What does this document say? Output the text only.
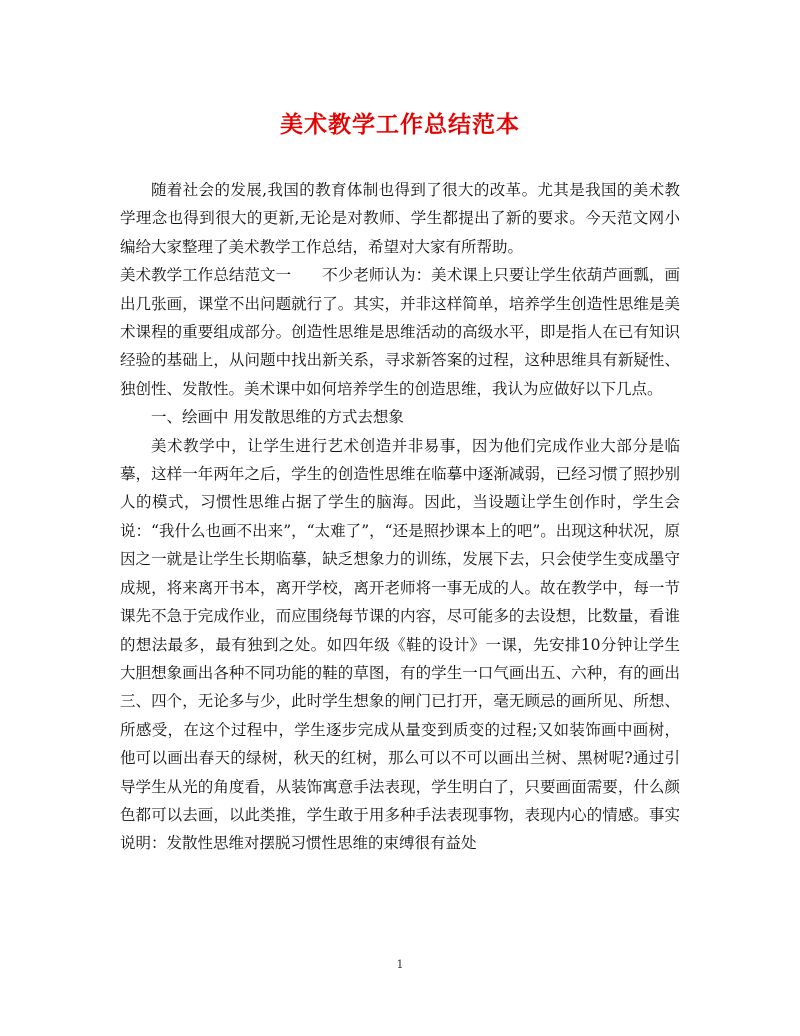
美术教学工作总结范本

随着社会的发展,我国的教育体制也得到了很大的改革。尤其是我国的美术教学理念也得到很大的更新,无论是对教师、学生都提出了新的要求。今天范文网小编给大家整理了美术教学工作总结，希望对大家有所帮助。

美术教学工作总结范文一　　不少老师认为：美术课上只要让学生依葫芦画瓢，画出几张画，课堂不出问题就行了。其实，并非这样简单，培养学生创造性思维是美术课程的重要组成部分。创造性思维是思维活动的高级水平，即是指人在已有知识经验的基础上，从问题中找出新关系，寻求新答案的过程，这种思维具有新疑性、独创性、发散性。美术课中如何培养学生的创造思维，我认为应做好以下几点。

一、绘画中 用发散思维的方式去想象

美术教学中，让学生进行艺术创造并非易事，因为他们完成作业大部分是临摹，这样一年两年之后，学生的创造性思维在临摹中逐渐减弱，已经习惯了照抄别人的模式，习惯性思维占据了学生的脑海。因此，当设题让学生创作时，学生会说：“我什么也画不出来”，“太难了”，“还是照抄课本上的吧”。出现这种状况，原因之一就是让学生长期临摹，缺乏想象力的训练，发展下去，只会使学生变成墨守成规，将来离开书本，离开学校，离开老师将一事无成的人。故在教学中，每一节课先不急于完成作业，而应围绕每节课的内容，尽可能多的去设想，比数量，看谁的想法最多，最有独到之处。如四年级《鞋的设计》一课，先安排10分钟让学生大胆想象画出各种不同功能的鞋的草图，有的学生一口气画出五、六种，有的画出三、四个，无论多与少，此时学生想象的闸门已打开，毫无顾忌的画所见、所想、所感受，在这个过程中，学生逐步完成从量变到质变的过程;又如装饰画中画树，他可以画出春天的绿树，秋天的红树，那么可以不可以画出兰树、黑树呢?通过引导学生从光的角度看，从装饰寓意手法表现，学生明白了，只要画面需要，什么颜色都可以去画，以此类推，学生敢于用多种手法表现事物，表现内心的情感。事实说明：发散性思维对摆脱习惯性思维的束缚很有益处

1
